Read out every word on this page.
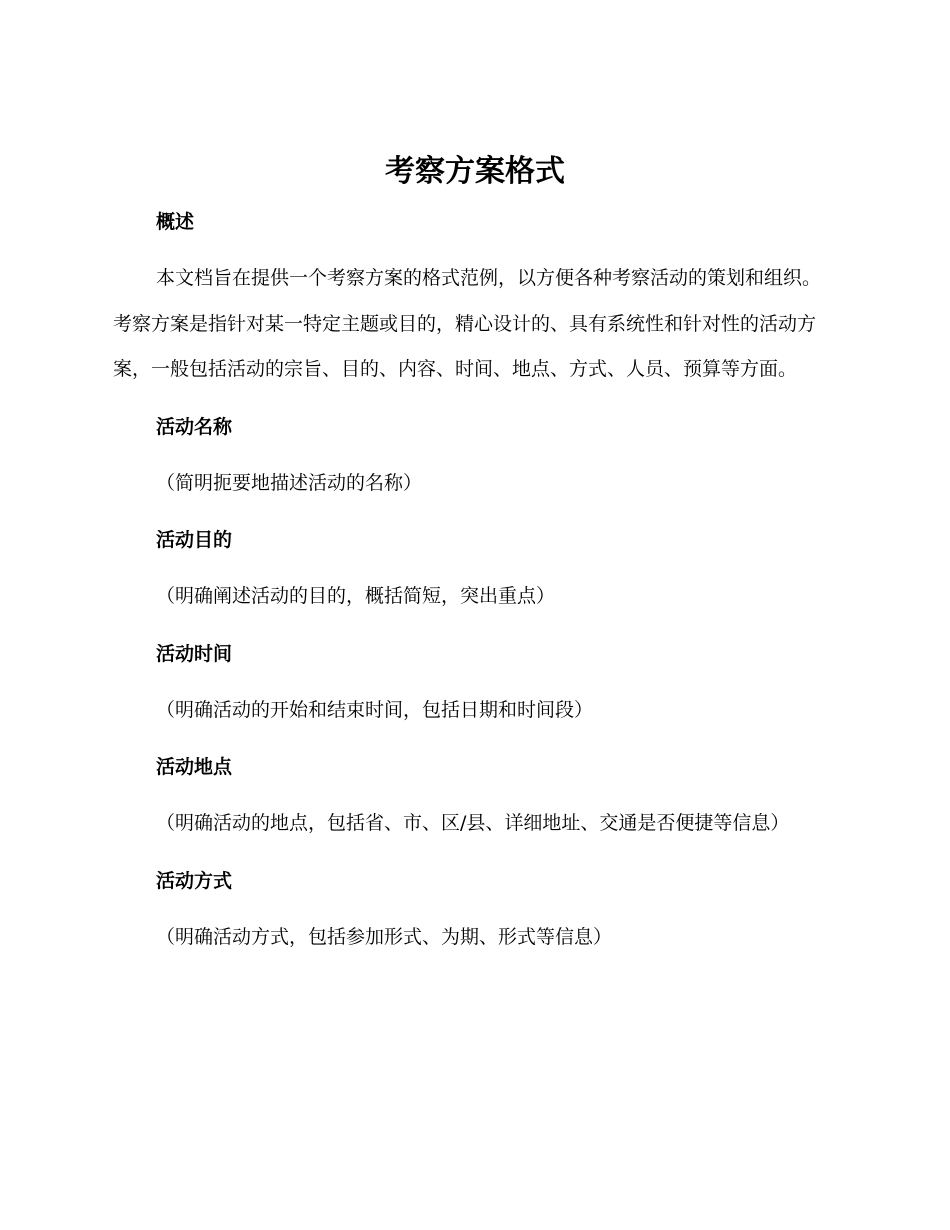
考察方案格式

概述

本文档旨在提供一个考察方案的格式范例，以方便各种考察活动的策划和组织。考察方案是指针对某一特定主题或目的，精心设计的、具有系统性和针对性的活动方案，一般包括活动的宗旨、目的、内容、时间、地点、方式、人员、预算等方面。

活动名称

（简明扼要地描述活动的名称）

活动目的

（明确阐述活动的目的，概括简短，突出重点）

活动时间

（明确活动的开始和结束时间，包括日期和时间段）

活动地点

（明确活动的地点，包括省、市、区/县、详细地址、交通是否便捷等信息）

活动方式

（明确活动方式，包括参加形式、为期、形式等信息）
